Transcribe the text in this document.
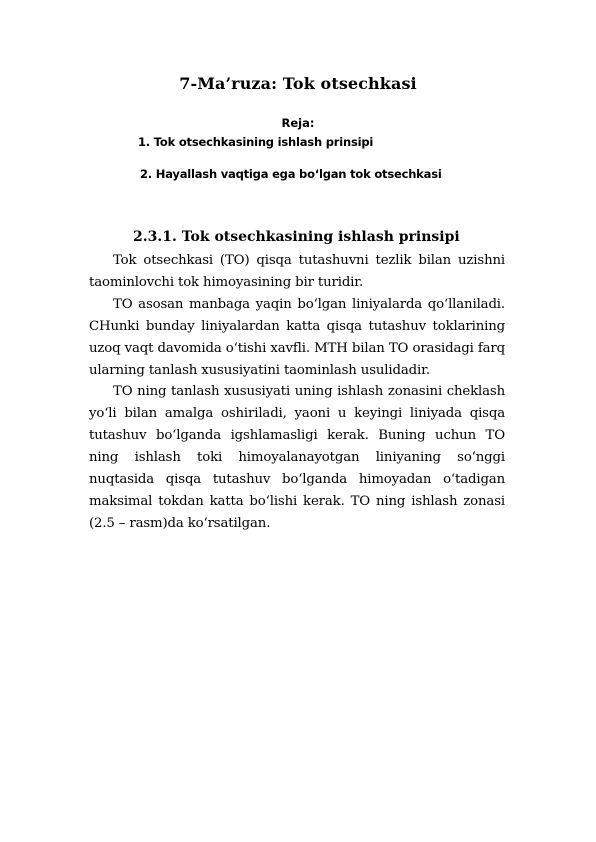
7-Ma’ruza: Tok otsechkasi
Reja:
1. Tok otsechkasining ishlash prinsipi
2. Hayallash vaqtiga ega bo‘lgan tok otsechkasi
2.3.1. Tok otsechkasining ishlash prinsipi

Tok otsechkasi (TO) qisqa tutashuvni tezlik bilan uzishni taominlovchi tok himoyasining bir turidir.

TO asosan manbaga yaqin bo‘lgan liniyalarda qo‘llaniladi. CHunki bunday liniyalardan katta qisqa tutashuv toklarining uzoq vaqt davomida o‘tishi xavfli. MTH bilan TO orasidagi farq ularning tanlash xususiyatini taominlash usulidadir.

TO ning tanlash xususiyati uning ishlash zonasini cheklash yo‘li bilan amalga oshiriladi, yaoni u keyingi liniyada qisqa tutashuv bo‘lganda igshlamasligi kerak. Buning uchun TO ning ishlash toki himoyalanayotgan liniyaning so‘nggi nuqtasida qisqa tutashuv bo‘lganda himoyadan o‘tadigan maksimal tokdan katta bo‘lishi kerak. TO ning ishlash zonasi (2.5 – rasm)da ko‘rsatilgan.
